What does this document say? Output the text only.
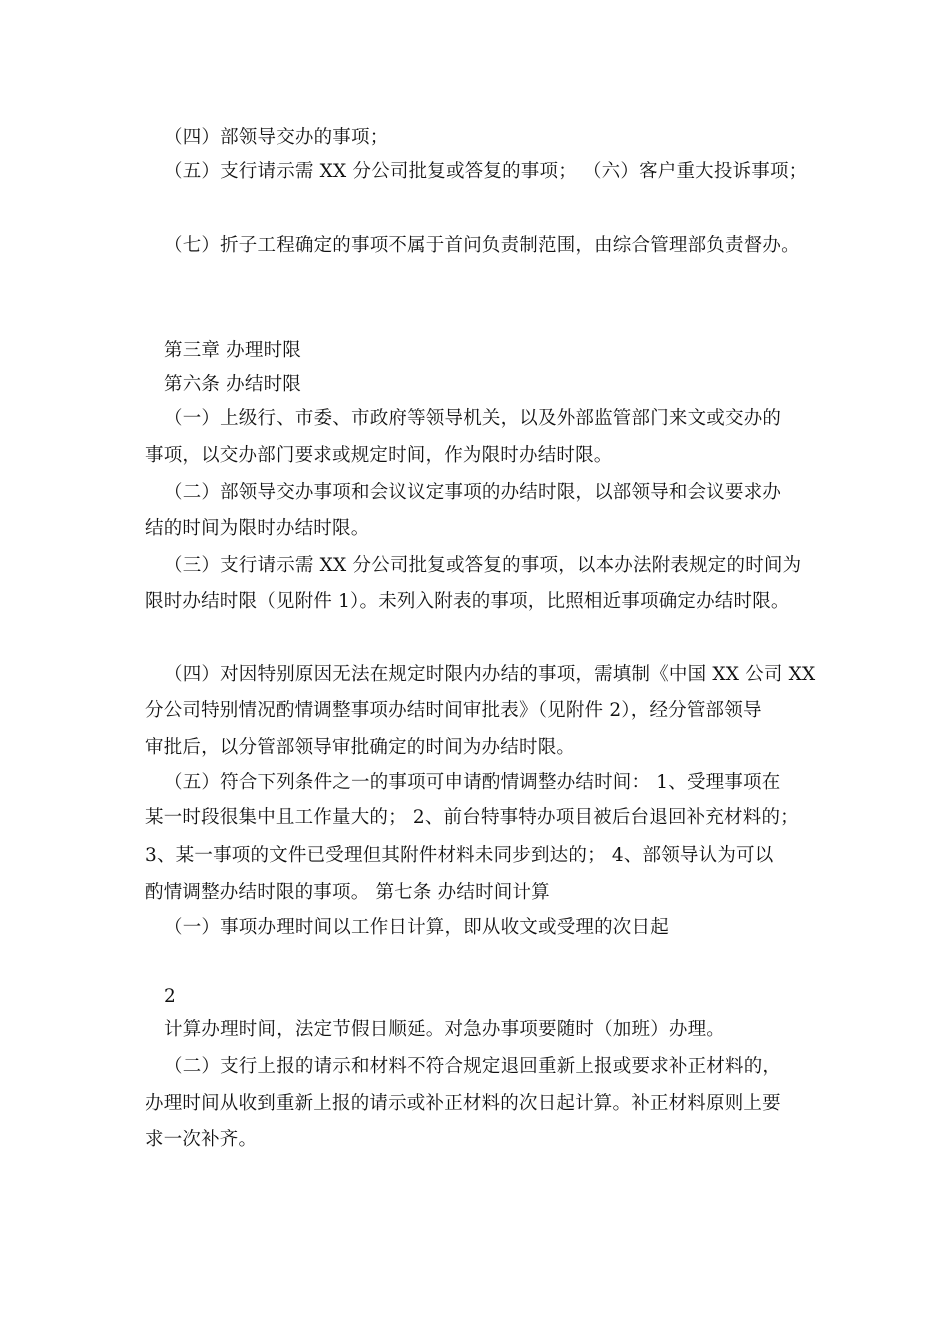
（四）部领导交办的事项；
（五）支行请示需 XX 分公司批复或答复的事项； （六）客户重大投诉事项；
（七）折子工程确定的事项不属于首问负责制范围，由综合管理部负责督办。
第三章 办理时限
第六条 办结时限
（一）上级行、市委、市政府等领导机关，以及外部监管部门来文或交办的
事项，以交办部门要求或规定时间，作为限时办结时限。
（二）部领导交办事项和会议议定事项的办结时限，以部领导和会议要求办
结的时间为限时办结时限。
（三）支行请示需 XX 分公司批复或答复的事项，以本办法附表规定的时间为
限时办结时限（见附件 1）。未列入附表的事项，比照相近事项确定办结时限。
（四）对因特别原因无法在规定时限内办结的事项，需填制《中国 XX 公司 XX
分公司特别情况酌情调整事项办结时间审批表》（见附件 2），经分管部领导
审批后，以分管部领导审批确定的时间为办结时限。
（五）符合下列条件之一的事项可申请酌情调整办结时间： 1、受理事项在
某一时段很集中且工作量大的； 2、前台特事特办项目被后台退回补充材料的；
3、某一事项的文件已受理但其附件材料未同步到达的； 4、部领导认为可以
酌情调整办结时限的事项。 第七条 办结时间计算
（一）事项办理时间以工作日计算，即从收文或受理的次日起
2
计算办理时间，法定节假日顺延。对急办事项要随时（加班）办理。
（二）支行上报的请示和材料不符合规定退回重新上报或要求补正材料的，
办理时间从收到重新上报的请示或补正材料的次日起计算。补正材料原则上要
求一次补齐。
